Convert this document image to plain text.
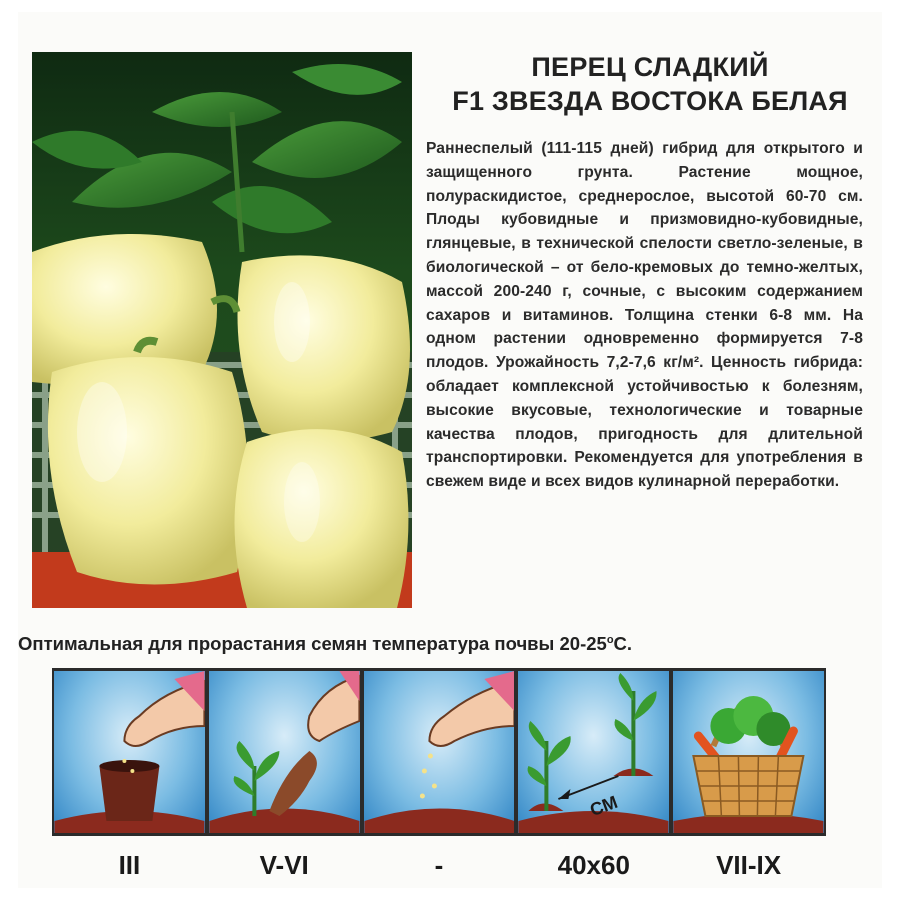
ПЕРЕЦ СЛАДКИЙ
F1 ЗВЕЗДА ВОСТОКА БЕЛАЯ
Раннеспелый (111-115 дней) гибрид для открытого и защищенного грунта. Растение мощное, полураскидистое, среднерослое, высотой 60-70 см. Плоды кубовидные и призмовидно-кубовидные, глянцевые, в технической спелости светло-зеленые, в биологической – от бело-кремовых до темно-желтых, массой 200-240 г, сочные, с высоким содержанием сахаров и витаминов. Толщина стенки 6-8 мм. На одном растении одновременно формируется 7-8 плодов. Урожайность 7,2-7,6 кг/м². Ценность гибрида: обладает комплексной устойчивостью к болезням, высокие вкусовые, технологические и товарные качества плодов, пригодность для длительной транспортировки. Рекомендуется для употребления в свежем виде и всех видов кулинарной переработки.
Оптимальная для прорастания семян температура почвы $20-25^оС$.
СМ
III	V-VI	-	40x60	VII-IX
